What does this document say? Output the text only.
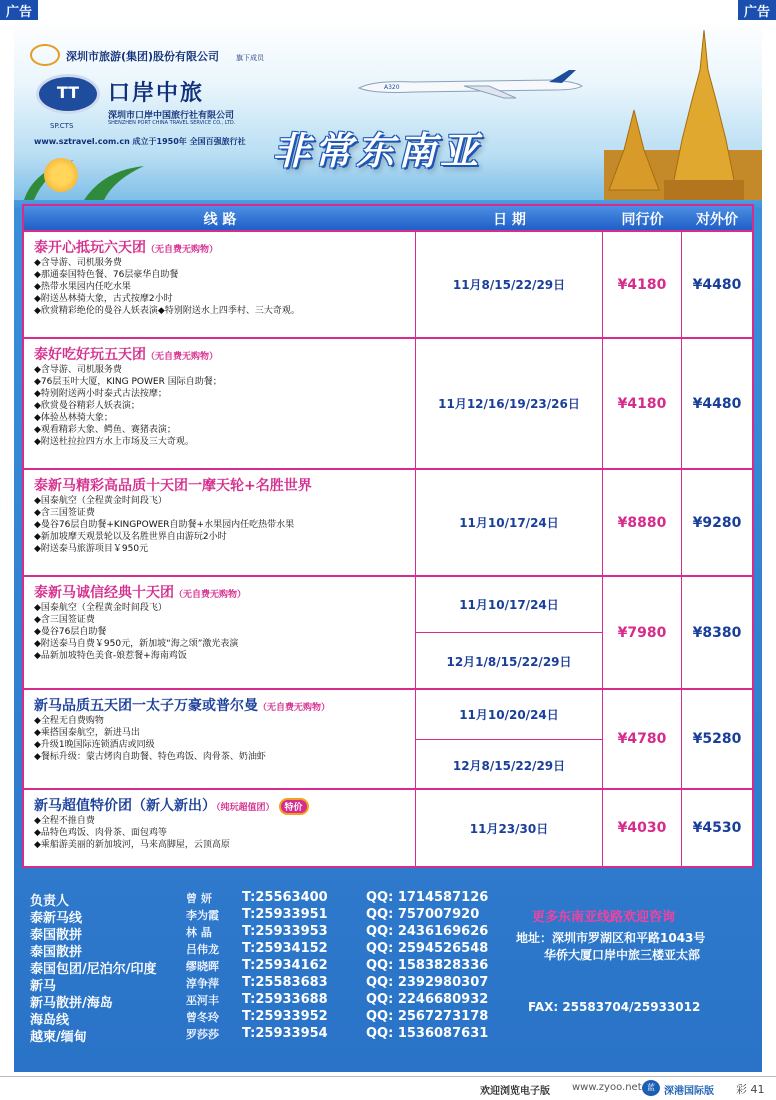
广告	广告
深圳市旅游(集团)股份有限公司 旗下成员
TT	口岸中旅
深圳市口岸中国旅行社有限公司
SHENZHEN PORT CHINA TRAVEL SERVICE CO., LTD.
SP.CTS
www.sztravel.com.cn 成立于1950年 全国百强旅行社
A320
非常东南亚
线 路	日 期	同行价	对外价
泰开心抵玩六天团（无自费无购物）
◆含导游、司机服务费
◆那通泰国特色餐、76层豪华自助餐
◆热带水果园内任吃水果
◆附送丛林骑大象，古式按摩2小时
◆欣赏精彩绝伦的曼谷人妖表演◆特别附送水上四季村、三大奇观。
11月8/15/22/29日	¥4180	¥4480
泰好吃好玩五天团（无自费无购物）
◆含导游、司机服务费
◆76层玉叶大厦，KING POWER 国际自助餐；
◆特别附送两小时泰式古法按摩；
◆欣赏曼谷精彩人妖表演；
◆体验丛林骑大象；
◆观看精彩大象、鳄鱼、赛猪表演；
◆附送杜拉拉四方水上市场及三大奇观。
11月12/16/19/23/26日	¥4180	¥4480
泰新马精彩高品质十天团一摩天轮+名胜世界
◆国泰航空（全程黄金时间段飞）
◆含三国签证费
◆曼谷76层自助餐+KINGPOWER自助餐+水果园内任吃热带水果
◆新加坡摩天观景轮以及名胜世界自由游玩2小时
◆附送泰马旅游项目￥950元
11月10/17/24日	¥8880	¥9280
泰新马诚信经典十天团（无自费无购物）
◆国泰航空（全程黄金时间段飞）
◆含三国签证费
◆曼谷76层自助餐
◆附送泰马自费￥950元，新加坡“海之颂”激光表演
◆品新加坡特色美食-娘惹餐+海南鸡饭
11月10/17/24日
12月1/8/15/22/29日
¥7980	¥8380
新马品质五天团一太子万豪或普尔曼（无自费无购物）
◆全程无自费购物
◆乘搭国泰航空，新进马出
◆升级1晚国际连锁酒店或同级
◆餐标升级：蒙古烤肉自助餐、特色鸡饭、肉骨茶、奶油虾
11月10/20/24日
12月8/15/22/29日
¥4780	¥5280
新马超值特价团（新人新出）（纯玩超值团） 特价
◆全程不推自费
◆品特色鸡饭、肉骨茶、面包鸡等
◆乘船游美丽的新加坡河，马来高脚屋，云顶高原
11月23/30日	¥4030	¥4530
负责人	曾 妍	T:25563400	QQ: 1714587126
泰新马线	李为霞	T:25933951	QQ: 757007920
泰国散拼	林 晶	T:25933953	QQ: 2436169626
泰国散拼	吕伟龙	T:25934152	QQ: 2594526548
泰国包团/尼泊尔/印度	缪晓晖	T:25934162	QQ: 1583828336
新马	淳争萍	T:25583683	QQ: 2392980307
新马散拼/海岛	巫河丰	T:25933688	QQ: 2246680932
海岛线	曾冬玲	T:25933952	QQ: 2567273178
越柬/缅甸	罗莎莎	T:25933954	QQ: 1536087631
更多东南亚线路欢迎咨询
地址：深圳市罗湖区和平路1043号
华侨大厦口岸中旅三楼亚太部
FAX: 25583704/25933012
欢迎浏览电子版 www.zyoo.net 蓝 深港国际版 彩 41
